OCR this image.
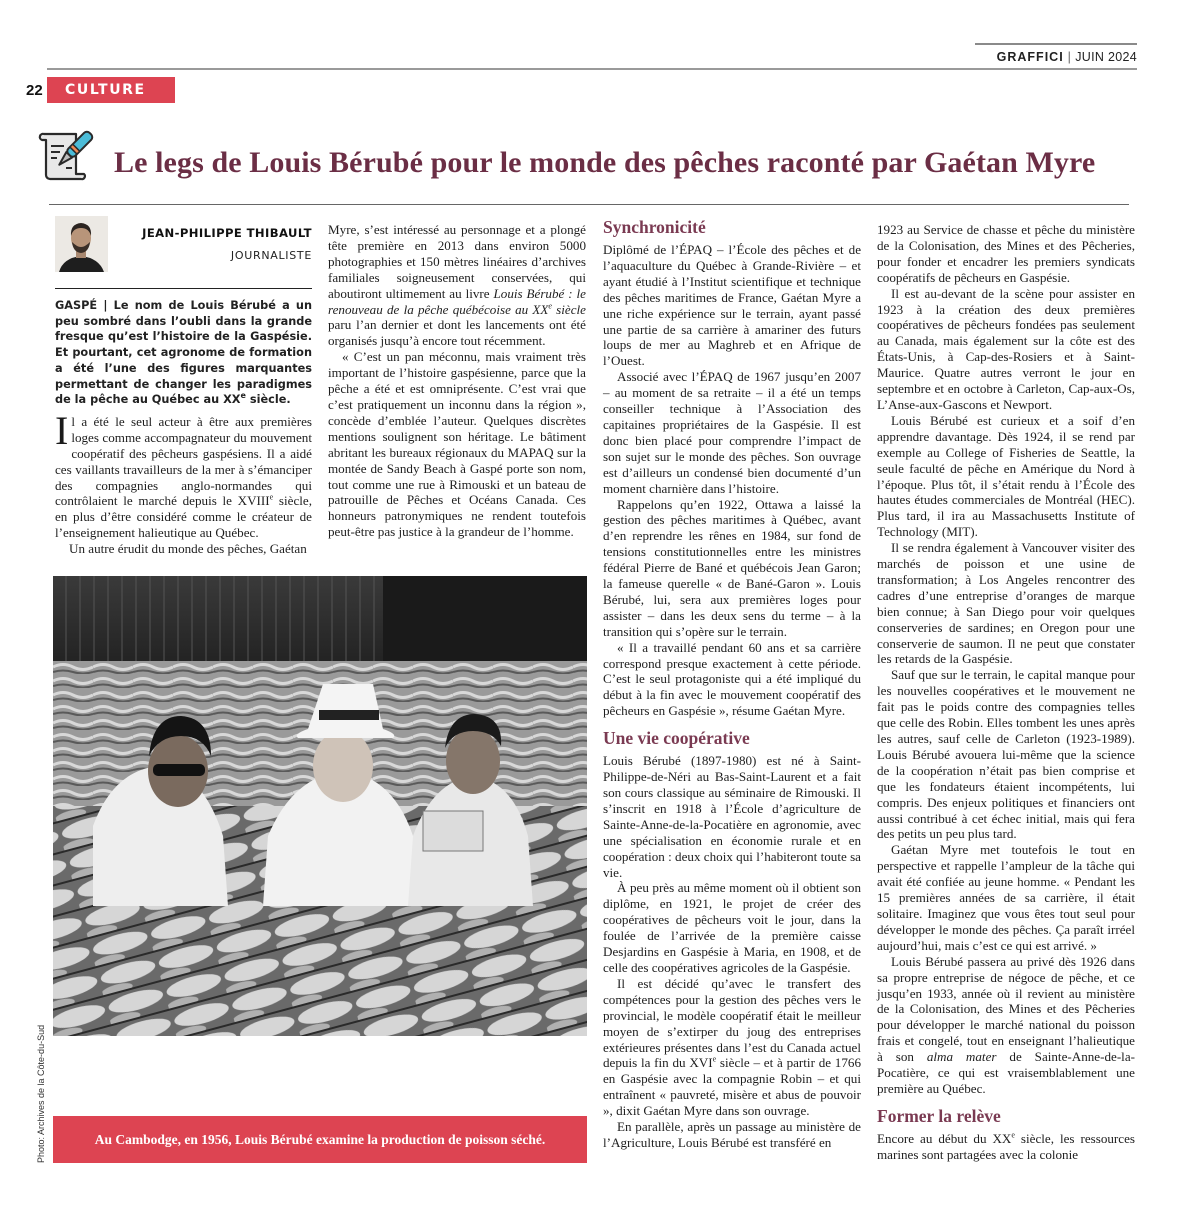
GRAFFICI | JUIN 2024
22	CULTURE
Le legs de Louis Bérubé pour le monde des pêches raconté par Gaétan Myre
JEAN-PHILIPPE THIBAULT
JOURNALISTE
GASPÉ | Le nom de Louis Bérubé a un peu sombré dans l’oubli dans la grande fresque qu’est l’histoire de la Gaspésie. Et pourtant, cet agronome de formation a été l’une des figures marquantes permettant de changer les paradigmes de la pêche au Québec au XXe siècle.

Il a été le seul acteur à être aux premières loges comme accompagnateur du mouvement coopératif des pêcheurs gaspésiens. Il a aidé ces vaillants travailleurs de la mer à s’émanciper des compagnies anglo-normandes qui contrôlaient le marché depuis le XVIIIe siècle, en plus d’être considéré comme le créateur de l’enseignement halieutique au Québec.

Un autre érudit du monde des pêches, Gaétan

Myre, s’est intéressé au personnage et a plongé tête première en 2013 dans environ 5000 photographies et 150 mètres linéaires d’archives familiales soigneusement conservées, qui aboutiront ultimement au livre Louis Bérubé : le renouveau de la pêche québécoise au XXe siècle paru l’an dernier et dont les lancements ont été organisés jusqu’à encore tout récemment.

« C’est un pan méconnu, mais vraiment très important de l’histoire gaspésienne, parce que la pêche a été et est omniprésente. C’est vrai que c’est pratiquement un inconnu dans la région », concède d’emblée l’auteur. Quelques discrètes mentions soulignent son héritage. Le bâtiment abritant les bureaux régionaux du MAPAQ sur la montée de Sandy Beach à Gaspé porte son nom, tout comme une rue à Rimouski et un bateau de patrouille de Pêches et Océans Canada. Ces honneurs patronymiques ne rendent toutefois peut-être pas justice à la grandeur de l’homme.

Au Cambodge, en 1956, Louis Bérubé examine la production de poisson séché.
Photo: Archives de la Côte-du-Sud
Synchronicité

Diplômé de l’ÉPAQ – l’École des pêches et de l’aquaculture du Québec à Grande-Rivière – et ayant étudié à l’Institut scientifique et technique des pêches maritimes de France, Gaétan Myre a une riche expérience sur le terrain, ayant passé une partie de sa carrière à amariner des futurs loups de mer au Maghreb et en Afrique de l’Ouest.

Associé avec l’ÉPAQ de 1967 jusqu’en 2007 – au moment de sa retraite – il a été un temps conseiller technique à l’Association des capitaines propriétaires de la Gaspésie. Il est donc bien placé pour comprendre l’impact de son sujet sur le monde des pêches. Son ouvrage est d’ailleurs un condensé bien documenté d’un moment charnière dans l’histoire.

Rappelons qu’en 1922, Ottawa a laissé la gestion des pêches maritimes à Québec, avant d’en reprendre les rênes en 1984, sur fond de tensions constitutionnelles entre les ministres fédéral Pierre de Bané et québécois Jean Garon; la fameuse querelle « de Bané-Garon ». Louis Bérubé, lui, sera aux premières loges pour assister – dans les deux sens du terme – à la transition qui s’opère sur le terrain.

« Il a travaillé pendant 60 ans et sa carrière correspond presque exactement à cette période. C’est le seul protagoniste qui a été impliqué du début à la fin avec le mouvement coopératif des pêcheurs en Gaspésie », résume Gaétan Myre.

Une vie coopérative

Louis Bérubé (1897-1980) est né à Saint-Philippe-de-Néri au Bas-Saint-Laurent et a fait son cours classique au séminaire de Rimouski. Il s’inscrit en 1918 à l’École d’agriculture de Sainte-Anne-de-la-Pocatière en agronomie, avec une spécialisation en économie rurale et en coopération : deux choix qui l’habiteront toute sa vie.

À peu près au même moment où il obtient son diplôme, en 1921, le projet de créer des coopératives de pêcheurs voit le jour, dans la foulée de l’arrivée de la première caisse Desjardins en Gaspésie à Maria, en 1908, et de celle des coopératives agricoles de la Gaspésie.

Il est décidé qu’avec le transfert des compétences pour la gestion des pêches vers le provincial, le modèle coopératif était le meilleur moyen de s’extirper du joug des entreprises extérieures présentes dans l’est du Canada actuel depuis la fin du XVIe siècle – et à partir de 1766 en Gaspésie avec la compagnie Robin – et qui entraînent « pauvreté, misère et abus de pouvoir », dixit Gaétan Myre dans son ouvrage.

En parallèle, après un passage au ministère de l’Agriculture, Louis Bérubé est transféré en

1923 au Service de chasse et pêche du ministère de la Colonisation, des Mines et des Pêcheries, pour fonder et encadrer les premiers syndicats coopératifs de pêcheurs en Gaspésie.

Il est au-devant de la scène pour assister en 1923 à la création des deux premières coopératives de pêcheurs fondées pas seulement au Canada, mais également sur la côte est des États-Unis, à Cap-des-Rosiers et à Saint-Maurice. Quatre autres verront le jour en septembre et en octobre à Carleton, Cap-aux-Os, L’Anse-aux-Gascons et Newport.

Louis Bérubé est curieux et a soif d’en apprendre davantage. Dès 1924, il se rend par exemple au College of Fisheries de Seattle, la seule faculté de pêche en Amérique du Nord à l’époque. Plus tôt, il s’était rendu à l’École des hautes études commerciales de Montréal (HEC). Plus tard, il ira au Massachusetts Institute of Technology (MIT).

Il se rendra également à Vancouver visiter des marchés de poisson et une usine de transformation; à Los Angeles rencontrer des cadres d’une entreprise d’oranges de marque bien connue; à San Diego pour voir quelques conserveries de sardines; en Oregon pour une conserverie de saumon. Il ne peut que constater les retards de la Gaspésie.

Sauf que sur le terrain, le capital manque pour les nouvelles coopératives et le mouvement ne fait pas le poids contre des compagnies telles que celle des Robin. Elles tombent les unes après les autres, sauf celle de Carleton (1923-1989). Louis Bérubé avouera lui-même que la science de la coopération n’était pas bien comprise et que les fondateurs étaient incompétents, lui compris. Des enjeux politiques et financiers ont aussi contribué à cet échec initial, mais qui fera des petits un peu plus tard.

Gaétan Myre met toutefois le tout en perspective et rappelle l’ampleur de la tâche qui avait été confiée au jeune homme. « Pendant les 15 premières années de sa carrière, il était solitaire. Imaginez que vous êtes tout seul pour développer le monde des pêches. Ça paraît irréel aujourd’hui, mais c’est ce qui est arrivé. »

Louis Bérubé passera au privé dès 1926 dans sa propre entreprise de négoce de pêche, et ce jusqu’en 1933, année où il revient au ministère de la Colonisation, des Mines et des Pêcheries pour développer le marché national du poisson frais et congelé, tout en enseignant l’halieutique à son alma mater de Sainte-Anne-de-la-Pocatière, ce qui est vraisemblablement une première au Québec.

Former la relève

Encore au début du XXe siècle, les ressources marines sont partagées avec la colonie
